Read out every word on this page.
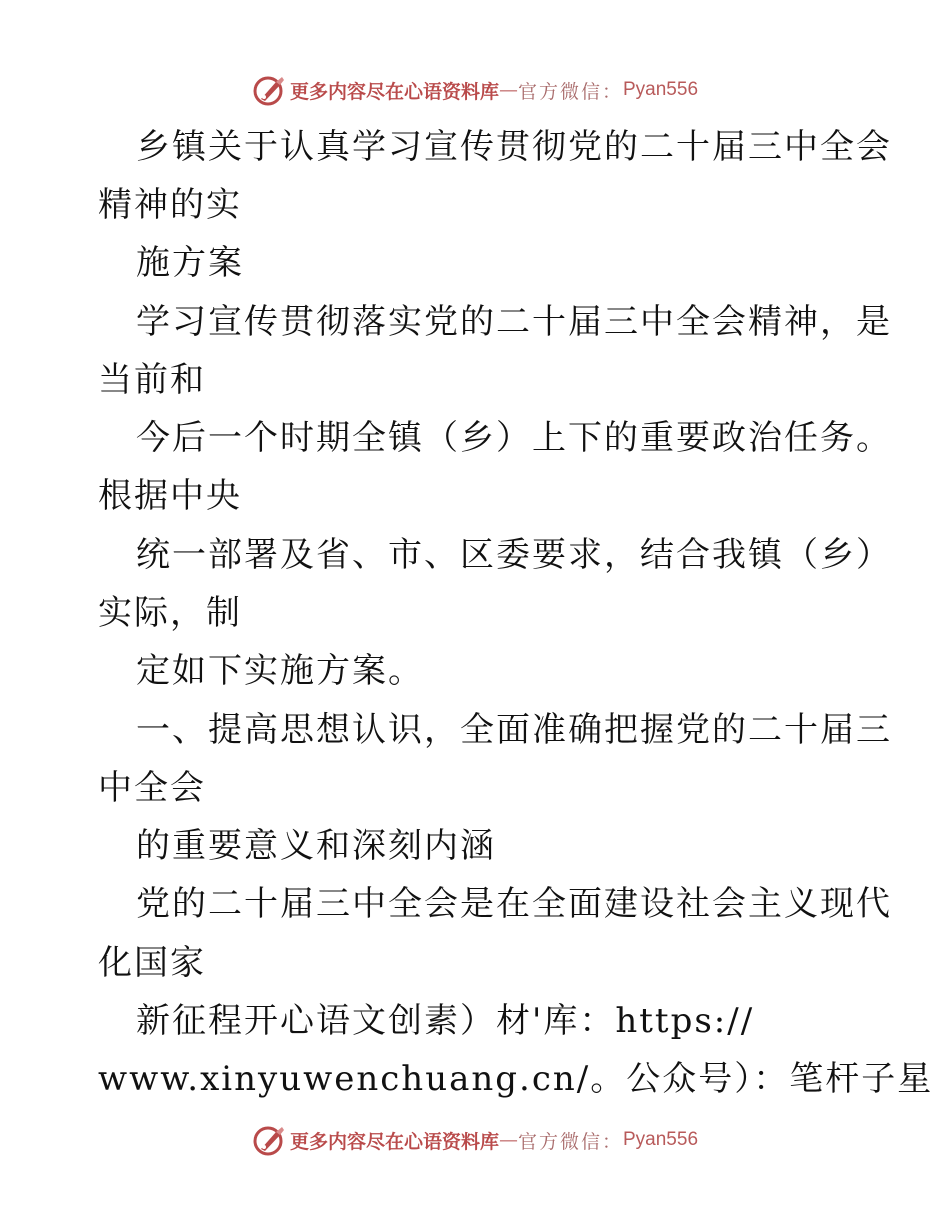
更多内容尽在心语资料库 — 官方微信： Pyan556
乡镇关于认真学习宣传贯彻党的二十届三中全会
精神的实
施方案
学习宣传贯彻落实党的二十届三中全会精神，是
当前和
今后一个时期全镇（乡）上下的重要政治任务。
根据中央
统一部署及省、市、区委要求，结合我镇（乡）
实际，制
定如下实施方案。
一、提高思想认识，全面准确把握党的二十届三
中全会
的重要意义和深刻内涵
党的二十届三中全会是在全面建设社会主义现代
化国家
新征程开心语文创素）材'库：https://
www.xinyuwenchuang.cn/。公众号）：笔杆子星
更多内容尽在心语资料库 — 官方微信： Pyan556
